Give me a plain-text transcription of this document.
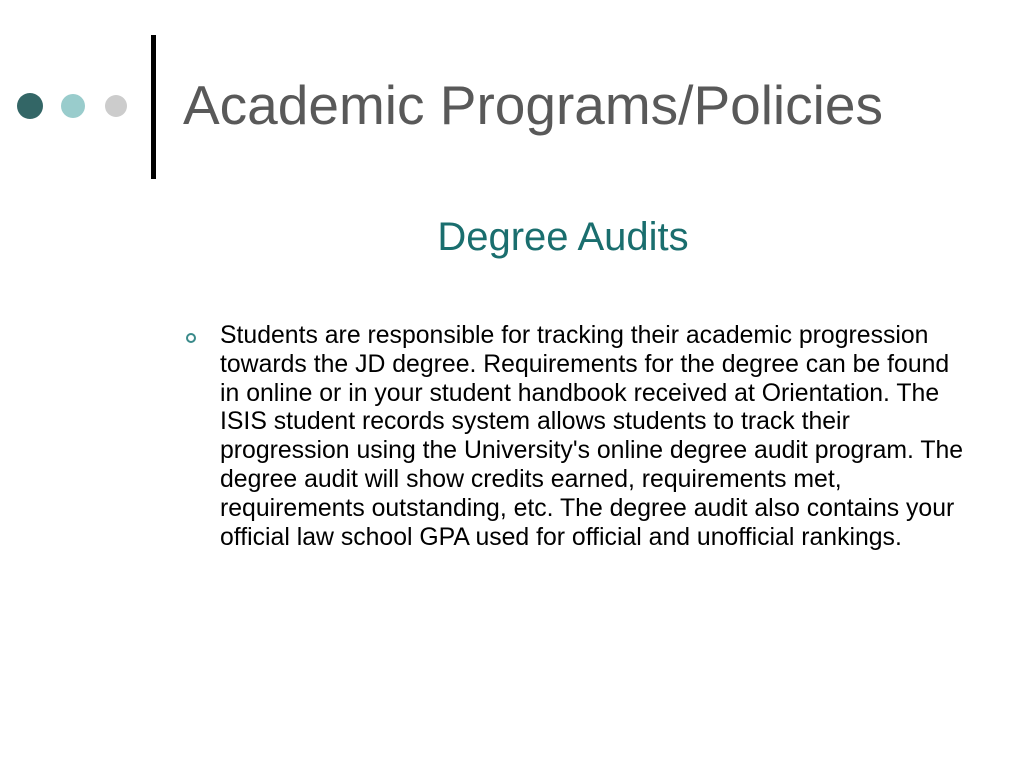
Academic Programs/Policies
Degree Audits
Students are responsible for tracking their academic progression towards the JD degree. Requirements for the degree can be found in online or in your student handbook received at Orientation. The ISIS student records system allows students to track their progression using the University's online degree audit program. The degree audit will show credits earned, requirements met, requirements outstanding, etc. The degree audit also contains your official law school GPA used for official and unofficial rankings.
